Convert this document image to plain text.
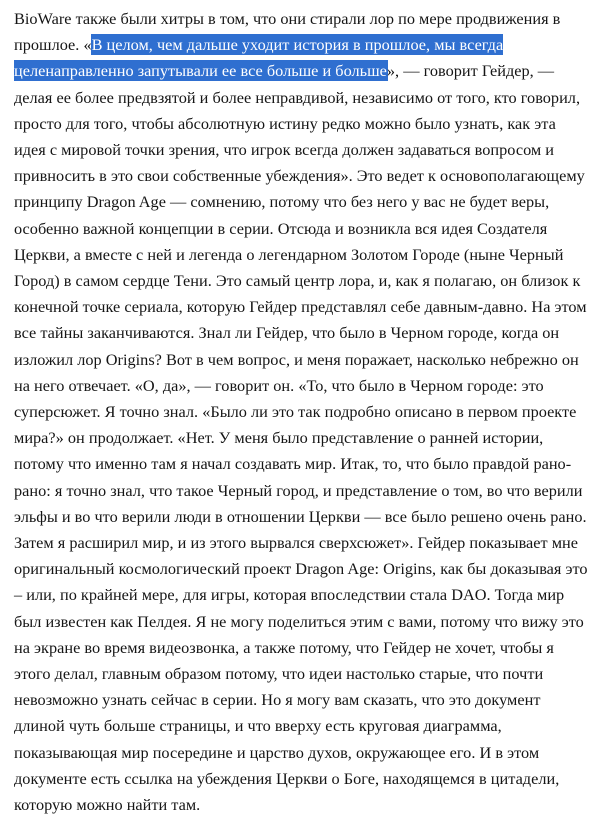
BioWare также были хитры в том, что они стирали лор по мере продвижения в прошлое. «В целом, чем дальше уходит история в прошлое, мы всегда целенаправленно запутывали ее все больше и больше», — говорит Гейдер, — делая ее более предвзятой и более неправдивой, независимо от того, кто говорил, просто для того, чтобы абсолютную истину редко можно было узнать, как эта идея с мировой точки зрения, что игрок всегда должен задаваться вопросом и привносить в это свои собственные убеждения». Это ведет к основополагающему принципу Dragon Age — сомнению, потому что без него у вас не будет веры, особенно важной концепции в серии. Отсюда и возникла вся идея Создателя Церкви, а вместе с ней и легенда о легендарном Золотом Городе (ныне Черный Город) в самом сердце Тени. Это самый центр лора, и, как я полагаю, он близок к конечной точке сериала, которую Гейдер представлял себе давным-давно. На этом все тайны заканчиваются. Знал ли Гейдер, что было в Черном городе, когда он изложил лор Origins? Вот в чем вопрос, и меня поражает, насколько небрежно он на него отвечает. «О, да», — говорит он. «То, что было в Черном городе: это суперсюжет. Я точно знал. «Было ли это так подробно описано в первом проекте мира?» он продолжает. «Нет. У меня было представление о ранней истории, потому что именно там я начал создавать мир. Итак, то, что было правдой рано-рано: я точно знал, что такое Черный город, и представление о том, во что верили эльфы и во что верили люди в отношении Церкви — все было решено очень рано. Затем я расширил мир, и из этого вырвался сверхсюжет». Гейдер показывает мне оригинальный космологический проект Dragon Age: Origins, как бы доказывая это – или, по крайней мере, для игры, которая впоследствии стала DAO. Тогда мир был известен как Пелдея. Я не могу поделиться этим с вами, потому что вижу это на экране во время видеозвонка, а также потому, что Гейдер не хочет, чтобы я этого делал, главным образом потому, что идеи настолько старые, что почти невозможно узнать сейчас в серии. Но я могу вам сказать, что это документ длиной чуть больше страницы, и что вверху есть круговая диаграмма, показывающая мир посередине и царство духов, окружающее его. И в этом документе есть ссылка на убеждения Церкви о Боге, находящемся в цитадели, которую можно найти там.
